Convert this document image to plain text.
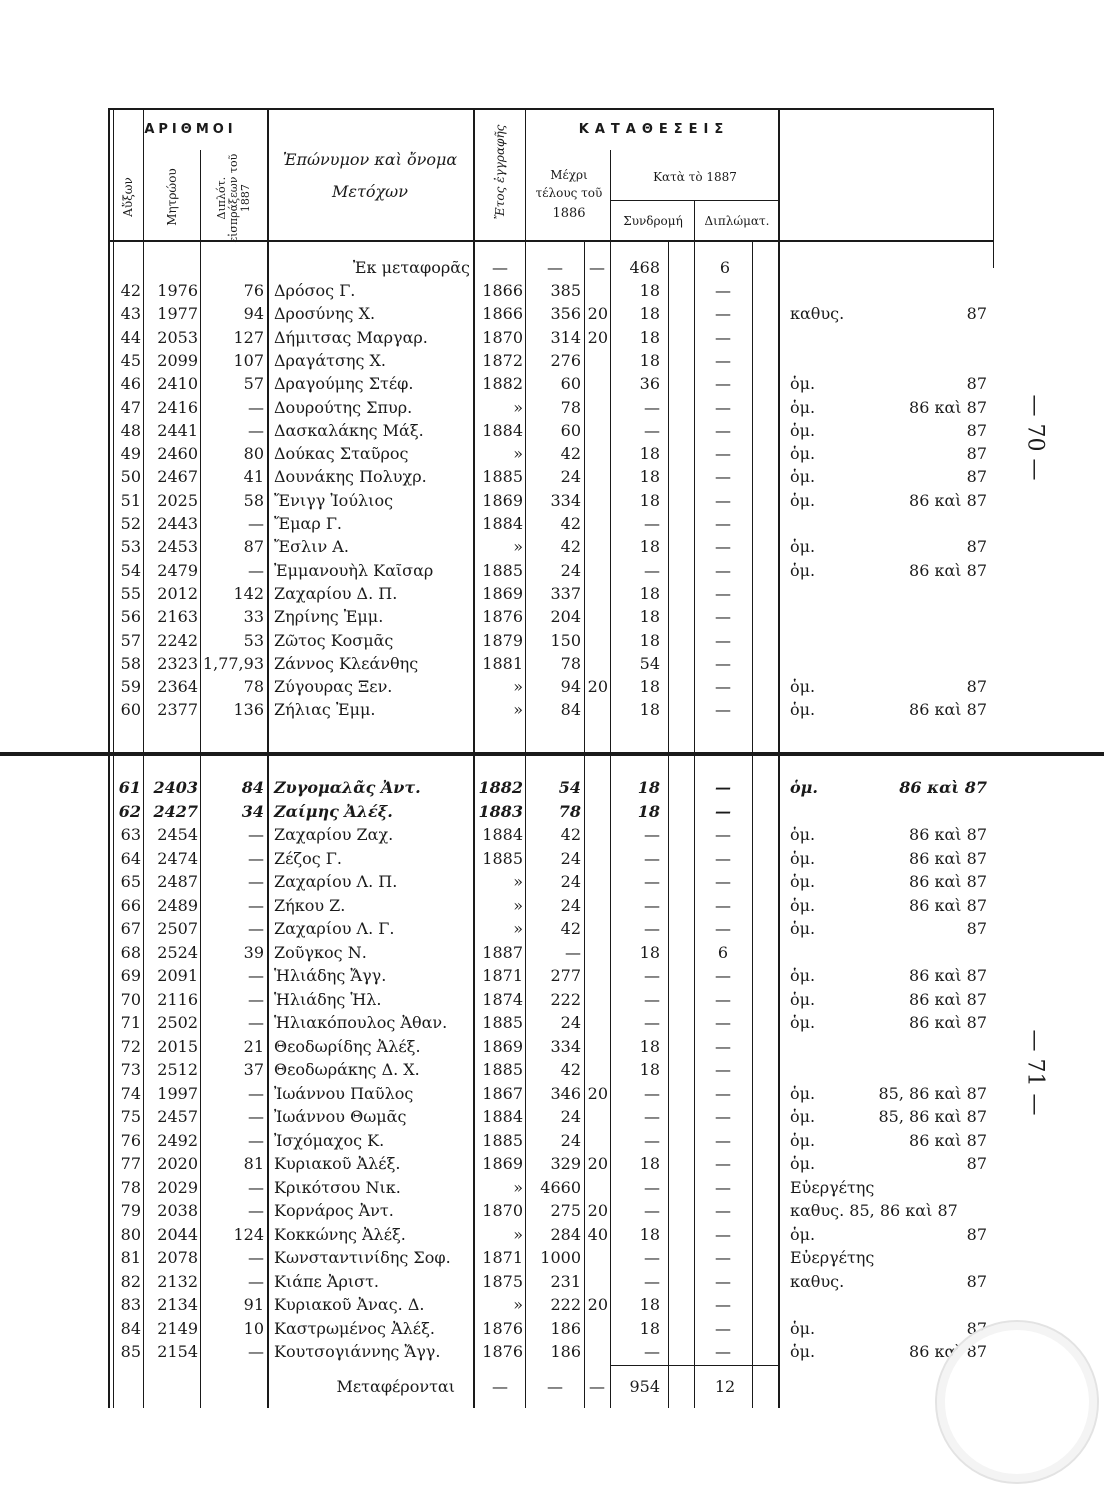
ΑΡΙΘΜΟΙ
Αὔξων	Μητρώου	Διπλότ. εἰσπράξεων τοῦ 1887
Ἐπώνυμον καὶ ὄνομα
Μετόχων	Ἔτος ἐγγραφῆς	ΚΑΤΑΘΕΣΕΙΣ
Μέχρι
τέλους τοῦ
1886
Κατὰ τὸ 1887
Συνδρομή	Διπλώματ.
Ἐκ μεταφορᾶς	—	—	—	468	6
42	1976	76 Δρόσος Γ.	1866	385	18	—
43	1977	94 Δροσύνης Χ.	1866	356 20	18	—	καθυς.	87
44	2053	127 Δήμιτσας Μαργαρ.	1870	314 20	18	—
45	2099	107 Δραγάτσης Χ.	1872	276	18	—
46	2410	57 Δραγούμης Στέφ.	1882	60	36	—	ὁμ.	87
47	2416	— Δουρούτης Σπυρ.	»	78	—	—	ὁμ.	86 καὶ 87
48	2441	— Δασκαλάκης Μάξ.	1884	60	—	—	ὁμ.	87
49	2460	80 Δούκας Σταῦρος	»	42	18	—	ὁμ.	87
50	2467	41 Δουνάκης Πολυχρ.	1885	24	18	—	ὁμ.	87
51	2025	58 Ἔνιγγ Ἰούλιος	1869	334	18	—	ὁμ.	86 καὶ 87
52	2443	— Ἔμαρ Γ.	1884	42	—	—
53	2453	87 Ἔσλιν Α.	»	42	18	—	ὁμ.	87
54	2479	— Ἐμμανουὴλ Καῖσαρ	1885	24	—	—	ὁμ.	86 καὶ 87
55	2012	142 Ζαχαρίου Δ. Π.	1869	337	18	—
56	2163	33 Ζηρίνης Ἐμμ.	1876	204	18	—
57	2242	53 Ζῶτος Κοσμᾶς	1879	150	18	—
58	2323 1,77,93 Ζάννος Κλεάνθης	1881	78	54	—
59	2364	78 Ζύγουρας Ξεν.	»	94 20	18	—	ὁμ.	87
60	2377	136 Ζήλιας Ἐμμ.	»	84	18	—	ὁμ.	86 καὶ 87
61 2403	84 Ζυγομαλᾶς Ἀντ.	1882	54	18	—	ὁμ.	86 καὶ 87
62 2427	34 Ζαίμης Ἀλέξ.	1883	78	18	—
63	2454	— Ζαχαρίου Ζαχ.	1884	42	—	—	ὁμ.	86 καὶ 87
64	2474	— Ζέζος Γ.	1885	24	—	—	ὁμ.	86 καὶ 87
65	2487	— Ζαχαρίου Λ. Π.	»	24	—	—	ὁμ.	86 καὶ 87
66	2489	— Ζήκου Ζ.	»	24	—	—	ὁμ.	86 καὶ 87
67	2507	— Ζαχαρίου Λ. Γ.	»	42	—	—	ὁμ.	87
68	2524	39 Ζοῦγκος Ν.	1887	—	18	6
69	2091	— Ἡλιάδης Ἄγγ.	1871	277	—	—	ὁμ.	86 καὶ 87
70	2116	— Ἡλιάδης Ἡλ.	1874	222	—	—	ὁμ.	86 καὶ 87
71	2502	— Ἡλιακόπουλος Ἀθαν.	1885	24	—	—	ὁμ.	86 καὶ 87
72	2015	21 Θεοδωρίδης Ἀλέξ.	1869	334	18	—
73	2512	37 Θεοδωράκης Δ. Χ.	1885	42	18	—
74	1997	— Ἰωάννου Παῦλος	1867	346 20	—	—	ὁμ.	85, 86 καὶ 87
75	2457	— Ἰωάννου Θωμᾶς	1884	24	—	—	ὁμ.	85, 86 καὶ 87
76	2492	— Ἰσχόμαχος Κ.	1885	24	—	—	ὁμ.	86 καὶ 87
77	2020	81 Κυριακοῦ Ἀλέξ.	1869	329 20	18	—	ὁμ.	87
78	2029	— Κρικότσου Νικ.	»	4660	—	—	Εὐεργέτης
79	2038	— Κορνάρος Ἀντ.	1870	275 20	—	—	καθυς. 85, 86 καὶ 87
80	2044	124 Κοκκώνης Ἀλέξ.	»	284 40	18	—	ὁμ.	87
81	2078	— Κωνσταντινίδης Σοφ.	1871	1000	—	—	Εὐεργέτης
82	2132	— Κιάπε Ἀριστ.	1875	231	—	—	καθυς.	87
83	2134	91 Κυριακοῦ Ἀνας. Δ.	»	222 20	18	—
84	2149	10 Καστρωμένος Ἀλέξ.	1876	186	18	—	ὁμ.	87
85	2154	— Κουτσογιάννης Ἄγγ.	1876	186	—	—	ὁμ.	86 καὶ 87
Μεταφέρονται	—	—	—	954	12
— 70 —
— 71 —
